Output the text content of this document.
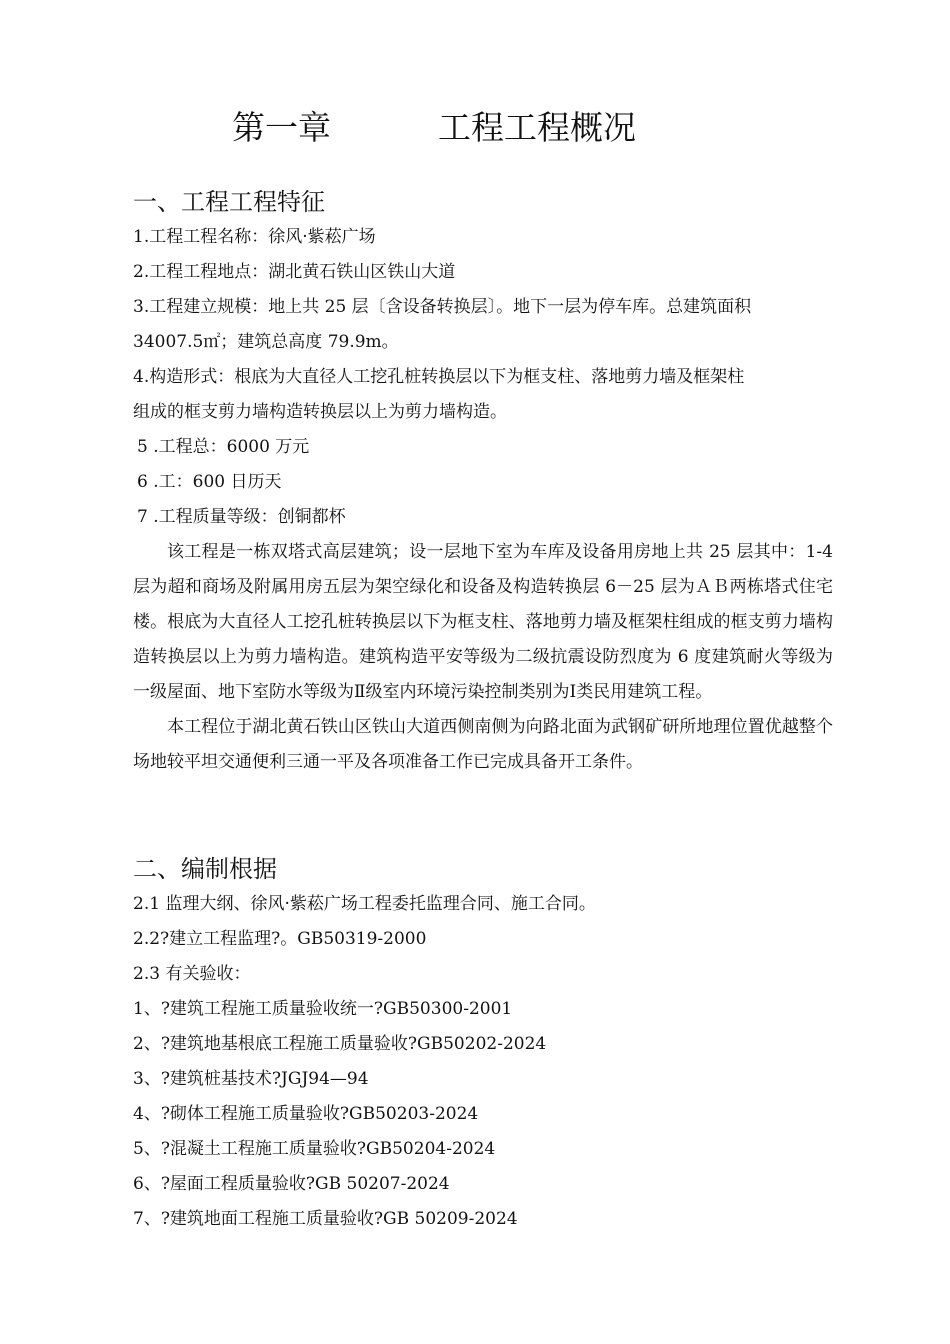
第一章	工程工程概况

一、工程工程特征

1.工程工程名称：徐风·紫菘广场

2.工程工程地点：湖北黄石铁山区铁山大道

3.工程建立规模：地上共 25 层〔含设备转换层〕。地下一层为停车库。总建筑面积

34007.5㎡；建筑总高度 79.9m。

4.构造形式：根底为大直径人工挖孔桩转换层以下为框支柱、落地剪力墙及框架柱

组成的框支剪力墙构造转换层以上为剪力墙构造。

5 .工程总：6000 万元

6 .工：600 日历天

7 .工程质量等级：创铜都杯

该工程是一栋双塔式高层建筑；设一层地下室为车库及设备用房地上共 25 层其中：1-4 层为超和商场及附属用房五层为架空绿化和设备及构造转换层 6－25 层为ＡＢ两栋塔式住宅楼。根底为大直径人工挖孔桩转换层以下为框支柱、落地剪力墙及框架柱组成的框支剪力墙构造转换层以上为剪力墙构造。建筑构造平安等级为二级抗震设防烈度为 6 度建筑耐火等级为一级屋面、地下室防水等级为Ⅱ级室内环境污染控制类别为Ⅰ类民用建筑工程。

本工程位于湖北黄石铁山区铁山大道西侧南侧为向路北面为武钢矿研所地理位置优越整个场地较平坦交通便利三通一平及各项准备工作已完成具备开工条件。

二、编制根据

2.1 监理大纲、徐风·紫菘广场工程委托监理合同、施工合同。

2.2?建立工程监理?。GB50319-2000

2.3 有关验收：

1、?建筑工程施工质量验收统一?GB50300-2001

2、?建筑地基根底工程施工质量验收?GB50202-2024

3、?建筑桩基技术?JGJ94—94

4、?砌体工程施工质量验收?GB50203-2024

5、?混凝土工程施工质量验收?GB50204-2024

6、?屋面工程质量验收?GB 50207-2024

7、?建筑地面工程施工质量验收?GB 50209-2024
